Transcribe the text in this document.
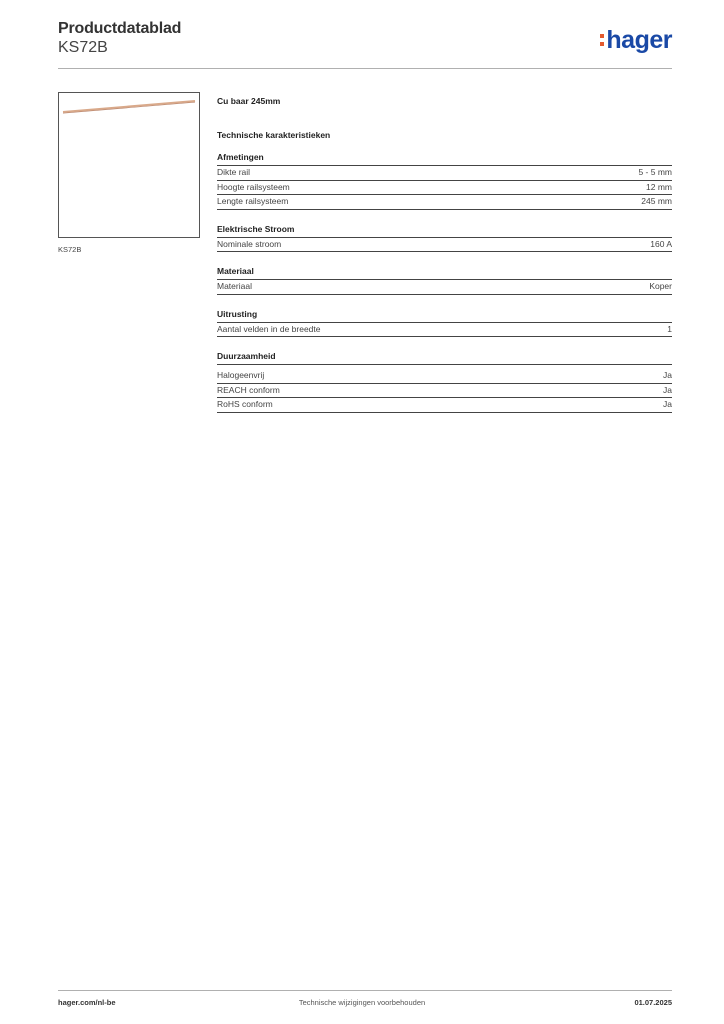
Productdatablad
KS72B	hager
KS72B
Cu baar 245mm
Technische karakteristieken
Afmetingen
Dikte rail	5 - 5 mm
Hoogte railsysteem	12 mm
Lengte railsysteem	245 mm
Elektrische Stroom
Nominale stroom	160 A
Materiaal
Materiaal	Koper
Uitrusting
Aantal velden in de breedte	1
Duurzaamheid
Halogeenvrij	Ja
REACH conform	Ja
RoHS conform	Ja
hager.com/nl-be	Technische wijzigingen voorbehouden	01.07.2025
